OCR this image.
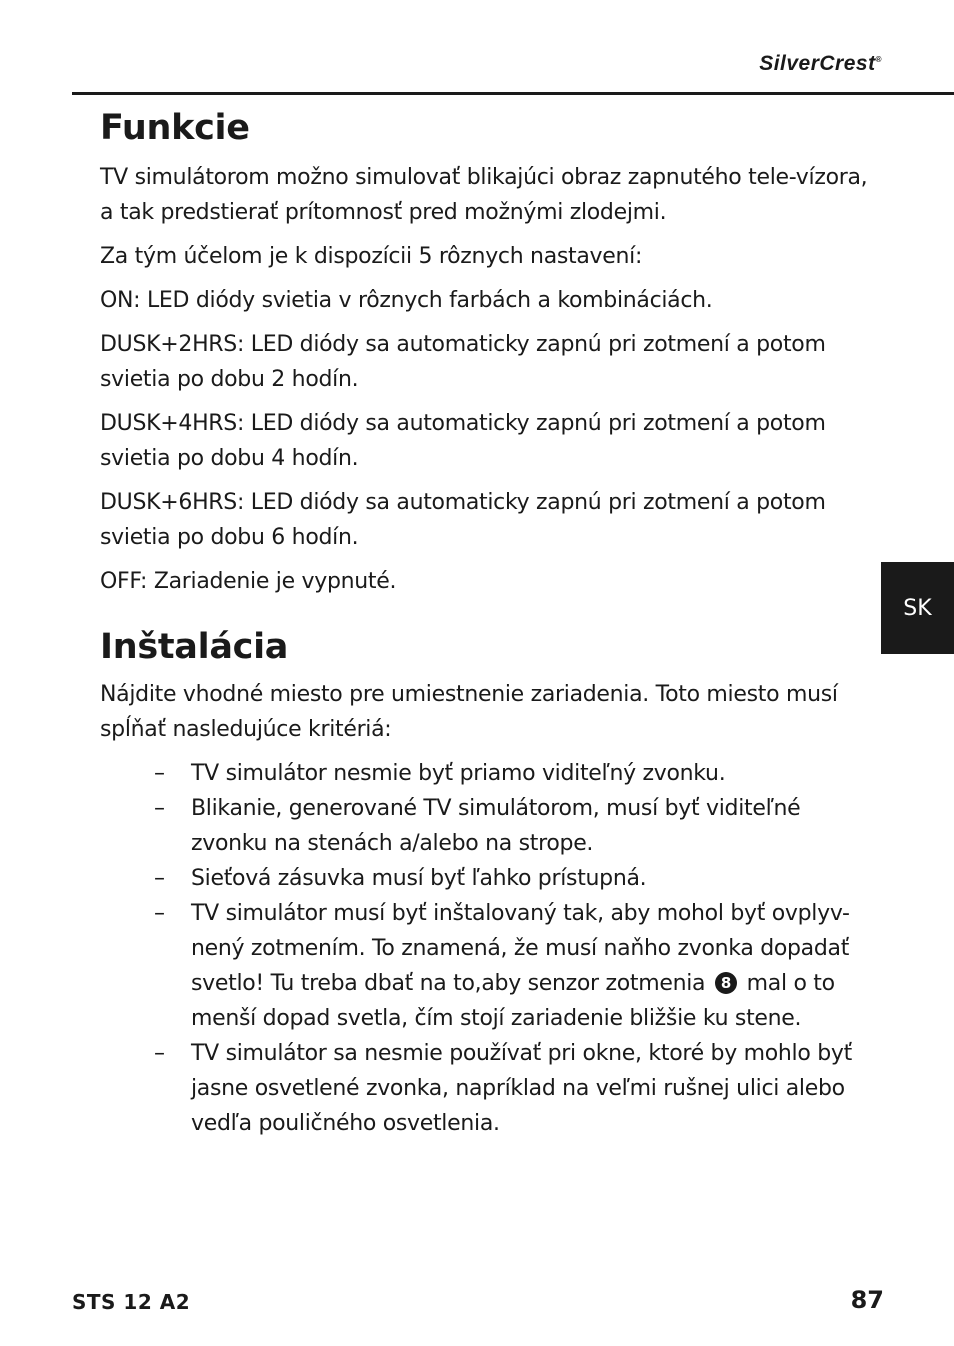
SilverCrest®
Funkcie

TV simulátorom možno simulovať blikajúci obraz zapnutého tele-vízora, a tak predstierať prítomnosť pred možnými zlodejmi.

Za tým účelom je k dispozícii 5 rôznych nastavení:

ON: LED diódy svietia v rôznych farbách a kombináciách.

DUSK+2HRS: LED diódy sa automaticky zapnú pri zotmení a potom svietia po dobu 2 hodín.

DUSK+4HRS: LED diódy sa automaticky zapnú pri zotmení a potom svietia po dobu 4 hodín.

DUSK+6HRS: LED diódy sa automaticky zapnú pri zotmení a potom svietia po dobu 6 hodín.

OFF: Zariadenie je vypnuté.

Inštalácia

Nájdite vhodné miesto pre umiestnenie zariadenia. Toto miesto musí spĺňať nasledujúce kritériá:

– TV simulátor nesmie byť priamo viditeľný zvonku.
– Blikanie, generované TV simulátorom, musí byť viditeľné zvonku na stenách a/alebo na strope.
– Sieťová zásuvka musí byť ľahko prístupná.
– TV simulátor musí byť inštalovaný tak, aby mohol byť ovplyv-nený zotmením. To znamená, že musí naňho zvonka dopadať svetlo! Tu treba dbať na to,aby senzor zotmenia 8 mal o to menší dopad svetla, čím stojí zariadenie bližšie ku stene.
– TV simulátor sa nesmie používať pri okne, ktoré by mohlo byť jasne osvetlené zvonka, napríklad na veľmi rušnej ulici alebo vedľa pouličného osvetlenia.
SK
STS 12 A2	87
